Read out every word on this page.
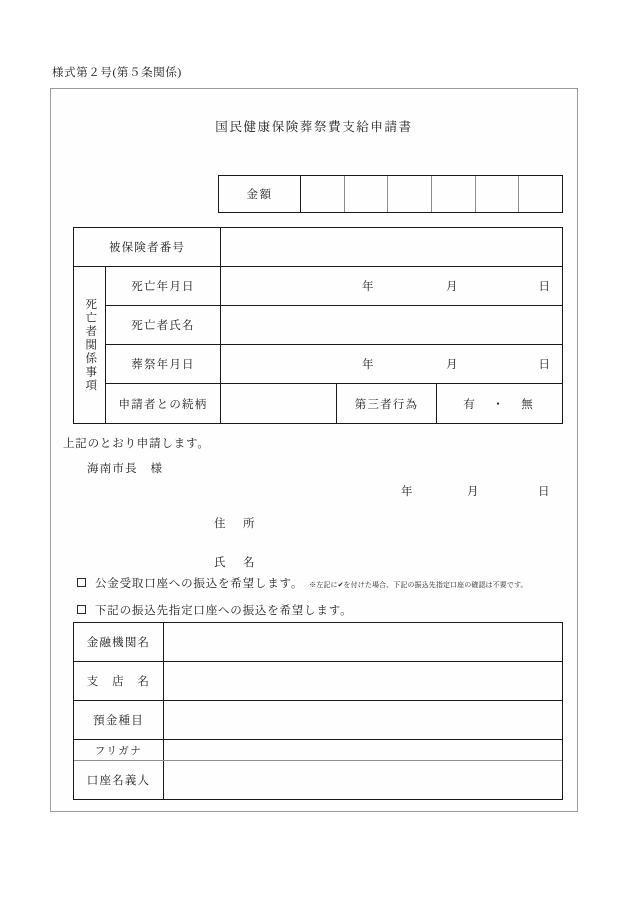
様式第２号(第５条関係)
国民健康保険葬祭費支給申請書
金額
被保険者番号
死亡者関係事項
死亡年月日	年	月	日
死亡者氏名
葬祭年月日	年	月	日
申請者との続柄	第三者行為	有　・　無
上記のとおり申請します。
海南市長　様
年	月	日
住　所
氏　名
公金受取口座への振込を希望します。 ※左記に✔を付けた場合、下記の振込先指定口座の確認は不要です。
下記の振込先指定口座への振込を希望します。
金融機関名
支　店　名
預金種目
フリガナ
口座名義人
